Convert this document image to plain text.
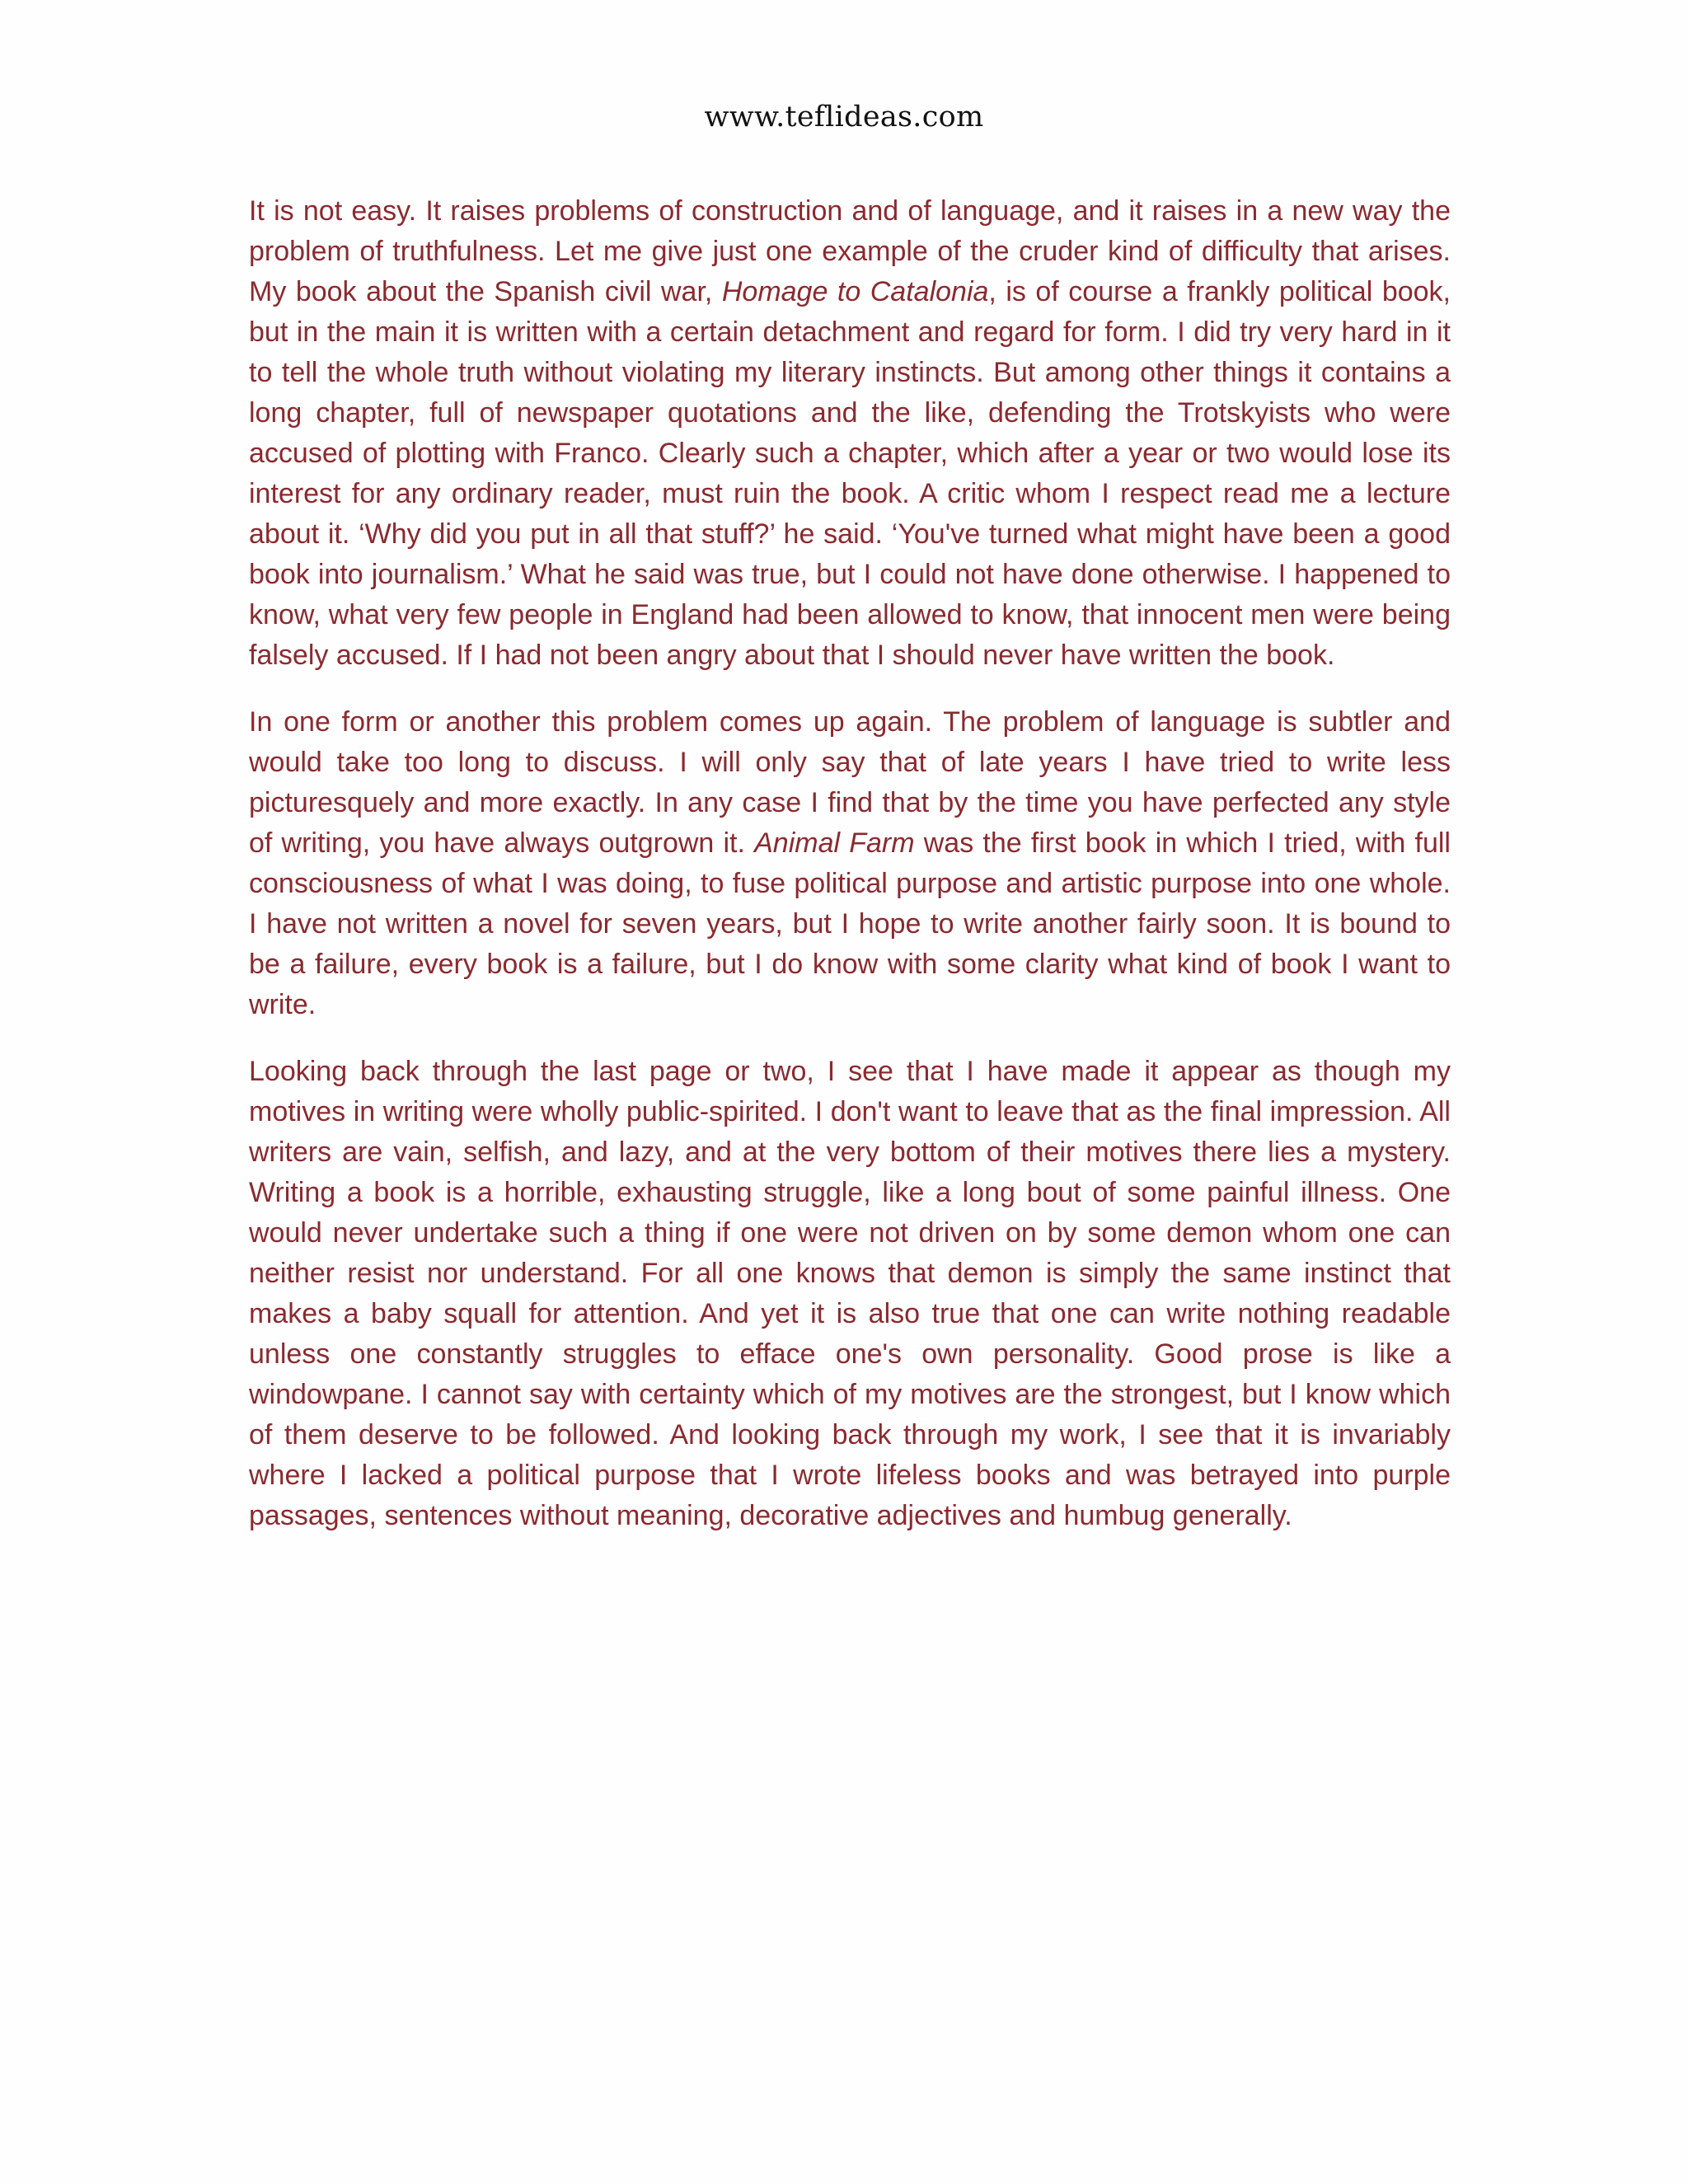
www.teflideas.com

It is not easy. It raises problems of construction and of language, and it raises in a new way the problem of truthfulness. Let me give just one example of the cruder kind of difficulty that arises. My book about the Spanish civil war, Homage to Catalonia, is of course a frankly political book, but in the main it is written with a certain detachment and regard for form. I did try very hard in it to tell the whole truth without violating my literary instincts. But among other things it contains a long chapter, full of newspaper quotations and the like, defending the Trotskyists who were accused of plotting with Franco. Clearly such a chapter, which after a year or two would lose its interest for any ordinary reader, must ruin the book. A critic whom I respect read me a lecture about it. ‘Why did you put in all that stuff?’ he said. ‘You've turned what might have been a good book into journalism.’ What he said was true, but I could not have done otherwise. I happened to know, what very few people in England had been allowed to know, that innocent men were being falsely accused. If I had not been angry about that I should never have written the book.

In one form or another this problem comes up again. The problem of language is subtler and would take too long to discuss. I will only say that of late years I have tried to write less picturesquely and more exactly. In any case I find that by the time you have perfected any style of writing, you have always outgrown it. Animal Farm was the first book in which I tried, with full consciousness of what I was doing, to fuse political purpose and artistic purpose into one whole. I have not written a novel for seven years, but I hope to write another fairly soon. It is bound to be a failure, every book is a failure, but I do know with some clarity what kind of book I want to write.

Looking back through the last page or two, I see that I have made it appear as though my motives in writing were wholly public-spirited. I don't want to leave that as the final impression. All writers are vain, selfish, and lazy, and at the very bottom of their motives there lies a mystery. Writing a book is a horrible, exhausting struggle, like a long bout of some painful illness. One would never undertake such a thing if one were not driven on by some demon whom one can neither resist nor understand. For all one knows that demon is simply the same instinct that makes a baby squall for attention. And yet it is also true that one can write nothing readable unless one constantly struggles to efface one's own personality. Good prose is like a windowpane. I cannot say with certainty which of my motives are the strongest, but I know which of them deserve to be followed. And looking back through my work, I see that it is invariably where I lacked a political purpose that I wrote lifeless books and was betrayed into purple passages, sentences without meaning, decorative adjectives and humbug generally.
